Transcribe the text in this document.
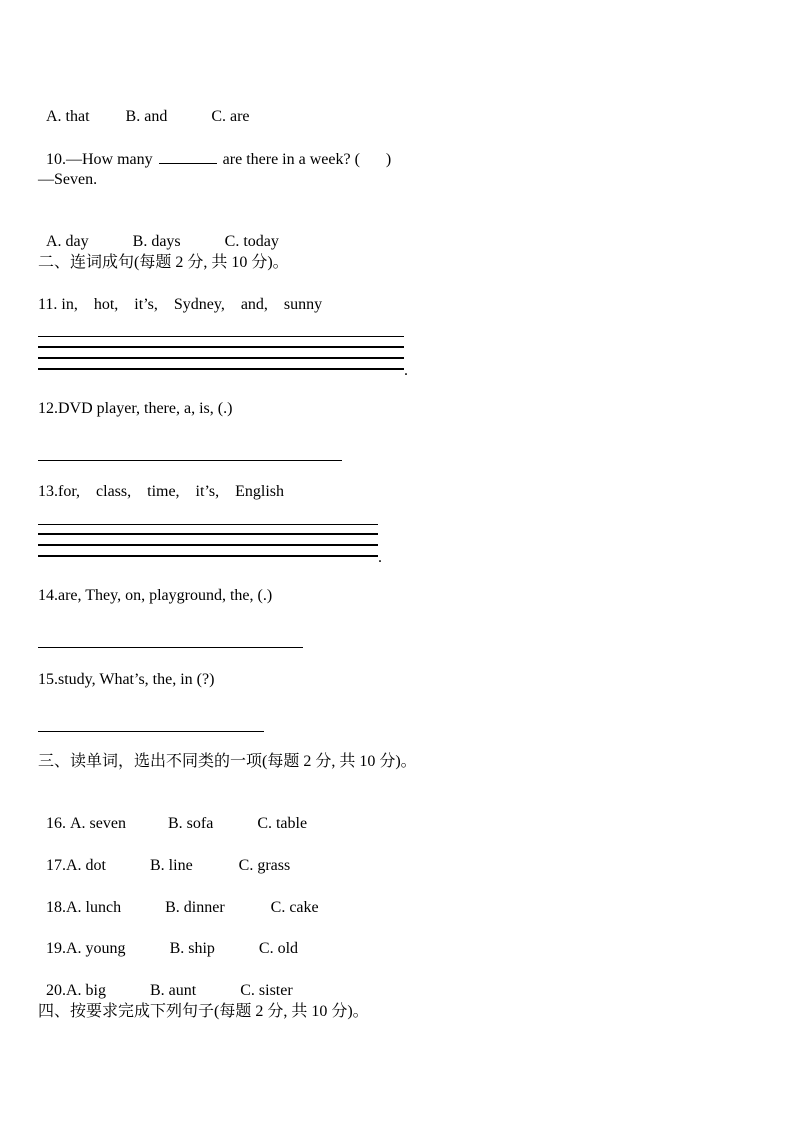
A. that B. and	C. are

10.—How many	are there in a week? ( )

—Seven.

A. day	B. days	C. today

二、连词成句(每题 2 分, 共 10 分)。
11. in,    hot,    it’s,    Sydney,    and,    sunny
.
12.DVD player, there, a, is, (.)
13.for,    class,    time,    it’s,    English
.
14.are, They, on, playground, the, (.)
15.study, What’s, the, in (?)
三、读单词，选出不同类的一项(每题 2 分, 共 10 分)。

16. A. seven	B. sofa	C. table

17.A. dot	B. line	C. grass

18.A. lunch	B. dinner	C. cake

19.A. young	B. ship	C. old

20.A. big	B. aunt	C. sister

四、按要求完成下列句子(每题 2 分, 共 10 分)。
